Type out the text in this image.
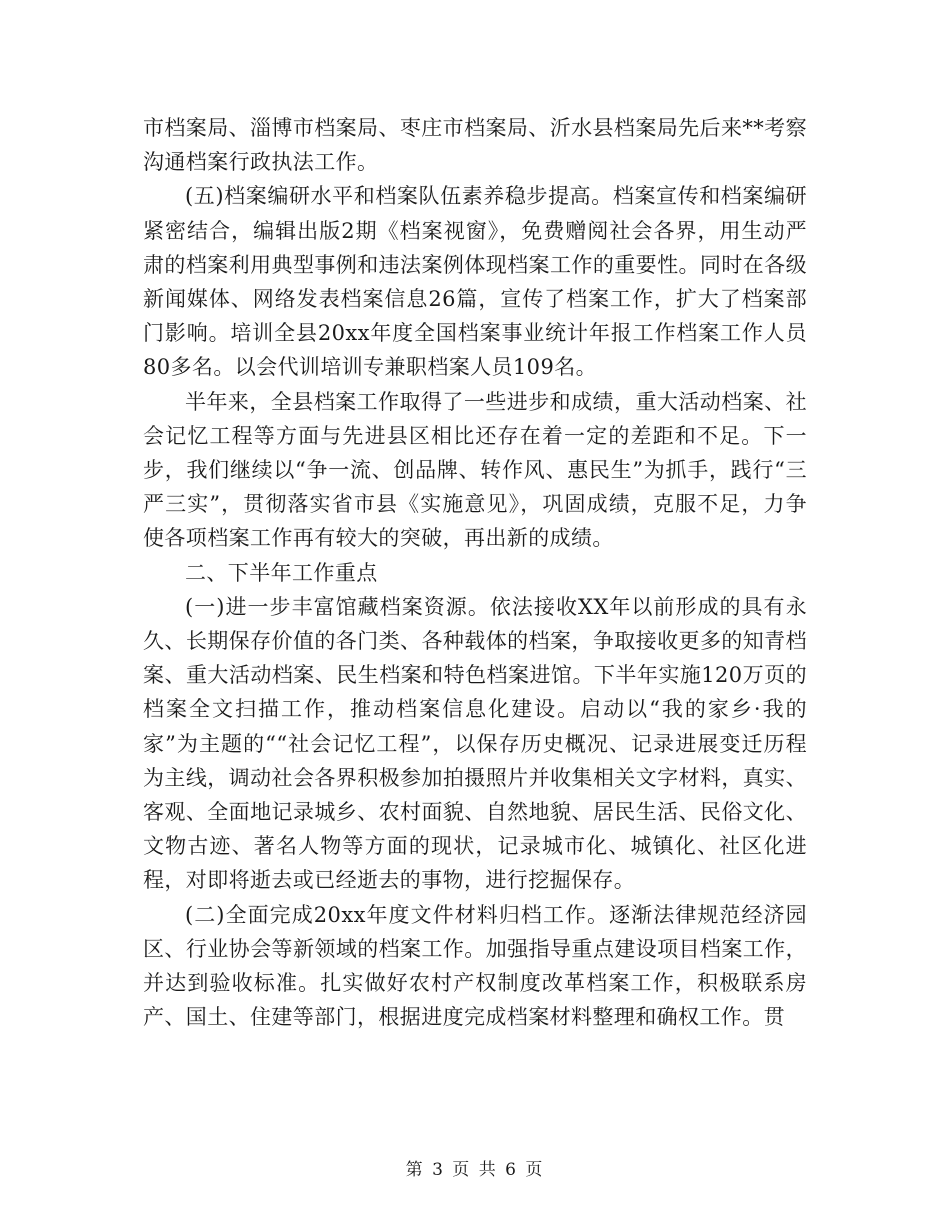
市档案局、淄博市档案局、枣庄市档案局、沂水县档案局先后来**考察沟通档案行政执法工作。

(五)档案编研水平和档案队伍素养稳步提高。档案宣传和档案编研紧密结合，编辑出版2期《档案视窗》，免费赠阅社会各界，用生动严肃的档案利用典型事例和违法案例体现档案工作的重要性。同时在各级新闻媒体、网络发表档案信息26篇，宣传了档案工作，扩大了档案部门影响。培训全县20xx年度全国档案事业统计年报工作档案工作人员80多名。以会代训培训专兼职档案人员109名。

半年来，全县档案工作取得了一些进步和成绩，重大活动档案、社会记忆工程等方面与先进县区相比还存在着一定的差距和不足。下一步，我们继续以“争一流、创品牌、转作风、惠民生”为抓手，践行“三严三实”，贯彻落实省市县《实施意见》，巩固成绩，克服不足，力争使各项档案工作再有较大的突破，再出新的成绩。

二、下半年工作重点

(一)进一步丰富馆藏档案资源。依法接收XX年以前形成的具有永久、长期保存价值的各门类、各种载体的档案，争取接收更多的知青档案、重大活动档案、民生档案和特色档案进馆。下半年实施120万页的档案全文扫描工作，推动档案信息化建设。启动以“我的家乡·我的家”为主题的““社会记忆工程”，以保存历史概况、记录进展变迁历程为主线，调动社会各界积极参加拍摄照片并收集相关文字材料，真实、客观、全面地记录城乡、农村面貌、自然地貌、居民生活、民俗文化、文物古迹、著名人物等方面的现状，记录城市化、城镇化、社区化进程，对即将逝去或已经逝去的事物，进行挖掘保存。

(二)全面完成20xx年度文件材料归档工作。逐渐法律规范经济园区、行业协会等新领域的档案工作。加强指导重点建设项目档案工作，并达到验收标准。扎实做好农村产权制度改革档案工作，积极联系房产、国土、住建等部门，根据进度完成档案材料整理和确权工作。贯

第 3 页 共 6 页
